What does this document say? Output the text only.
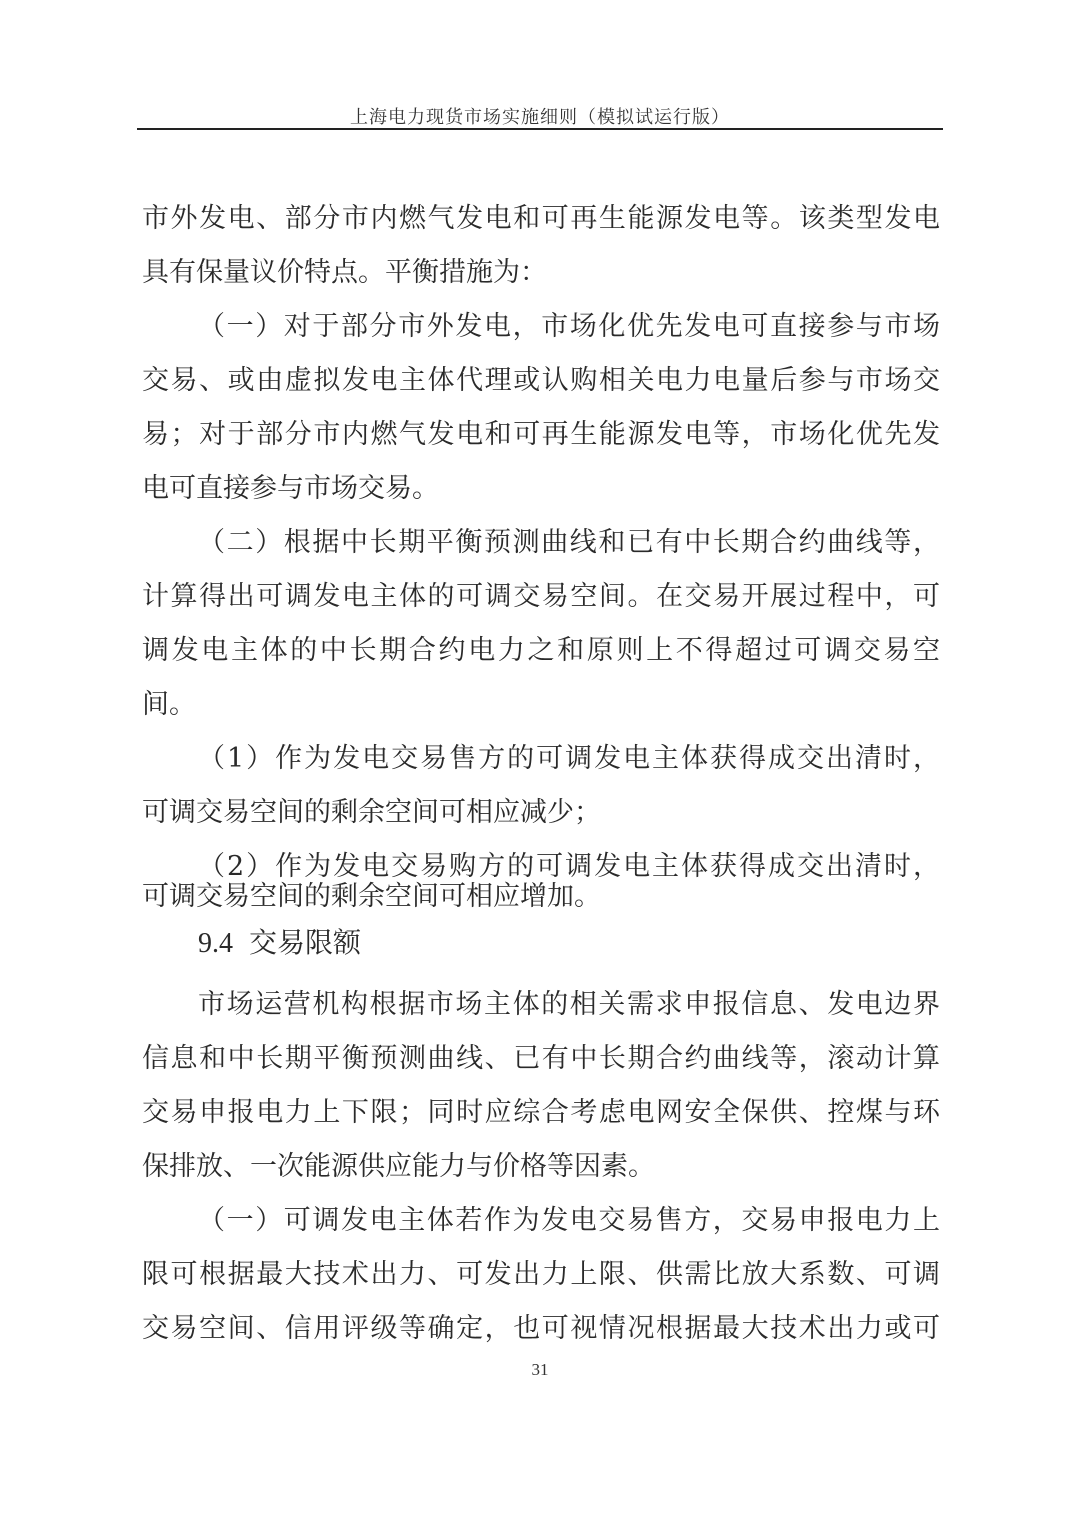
上海电力现货市场实施细则（模拟试运行版）
市外发电、部分市内燃气发电和可再生能源发电等。该类型发电
具有保量议价特点。平衡措施为：
（一）对于部分市外发电，市场化优先发电可直接参与市场
交易、或由虚拟发电主体代理或认购相关电力电量后参与市场交
易；对于部分市内燃气发电和可再生能源发电等，市场化优先发
电可直接参与市场交易。
（二）根据中长期平衡预测曲线和已有中长期合约曲线等，
计算得出可调发电主体的可调交易空间。在交易开展过程中，可
调发电主体的中长期合约电力之和原则上不得超过可调交易空
间。
（1）作为发电交易售方的可调发电主体获得成交出清时，
可调交易空间的剩余空间可相应减少；
（2）作为发电交易购方的可调发电主体获得成交出清时，
可调交易空间的剩余空间可相应增加。
9.4 交易限额
市场运营机构根据市场主体的相关需求申报信息、发电边界
信息和中长期平衡预测曲线、已有中长期合约曲线等，滚动计算
交易申报电力上下限；同时应综合考虑电网安全保供、控煤与环
保排放、一次能源供应能力与价格等因素。
（一）可调发电主体若作为发电交易售方，交易申报电力上
限可根据最大技术出力、可发出力上限、供需比放大系数、可调
交易空间、信用评级等确定，也可视情况根据最大技术出力或可
31
